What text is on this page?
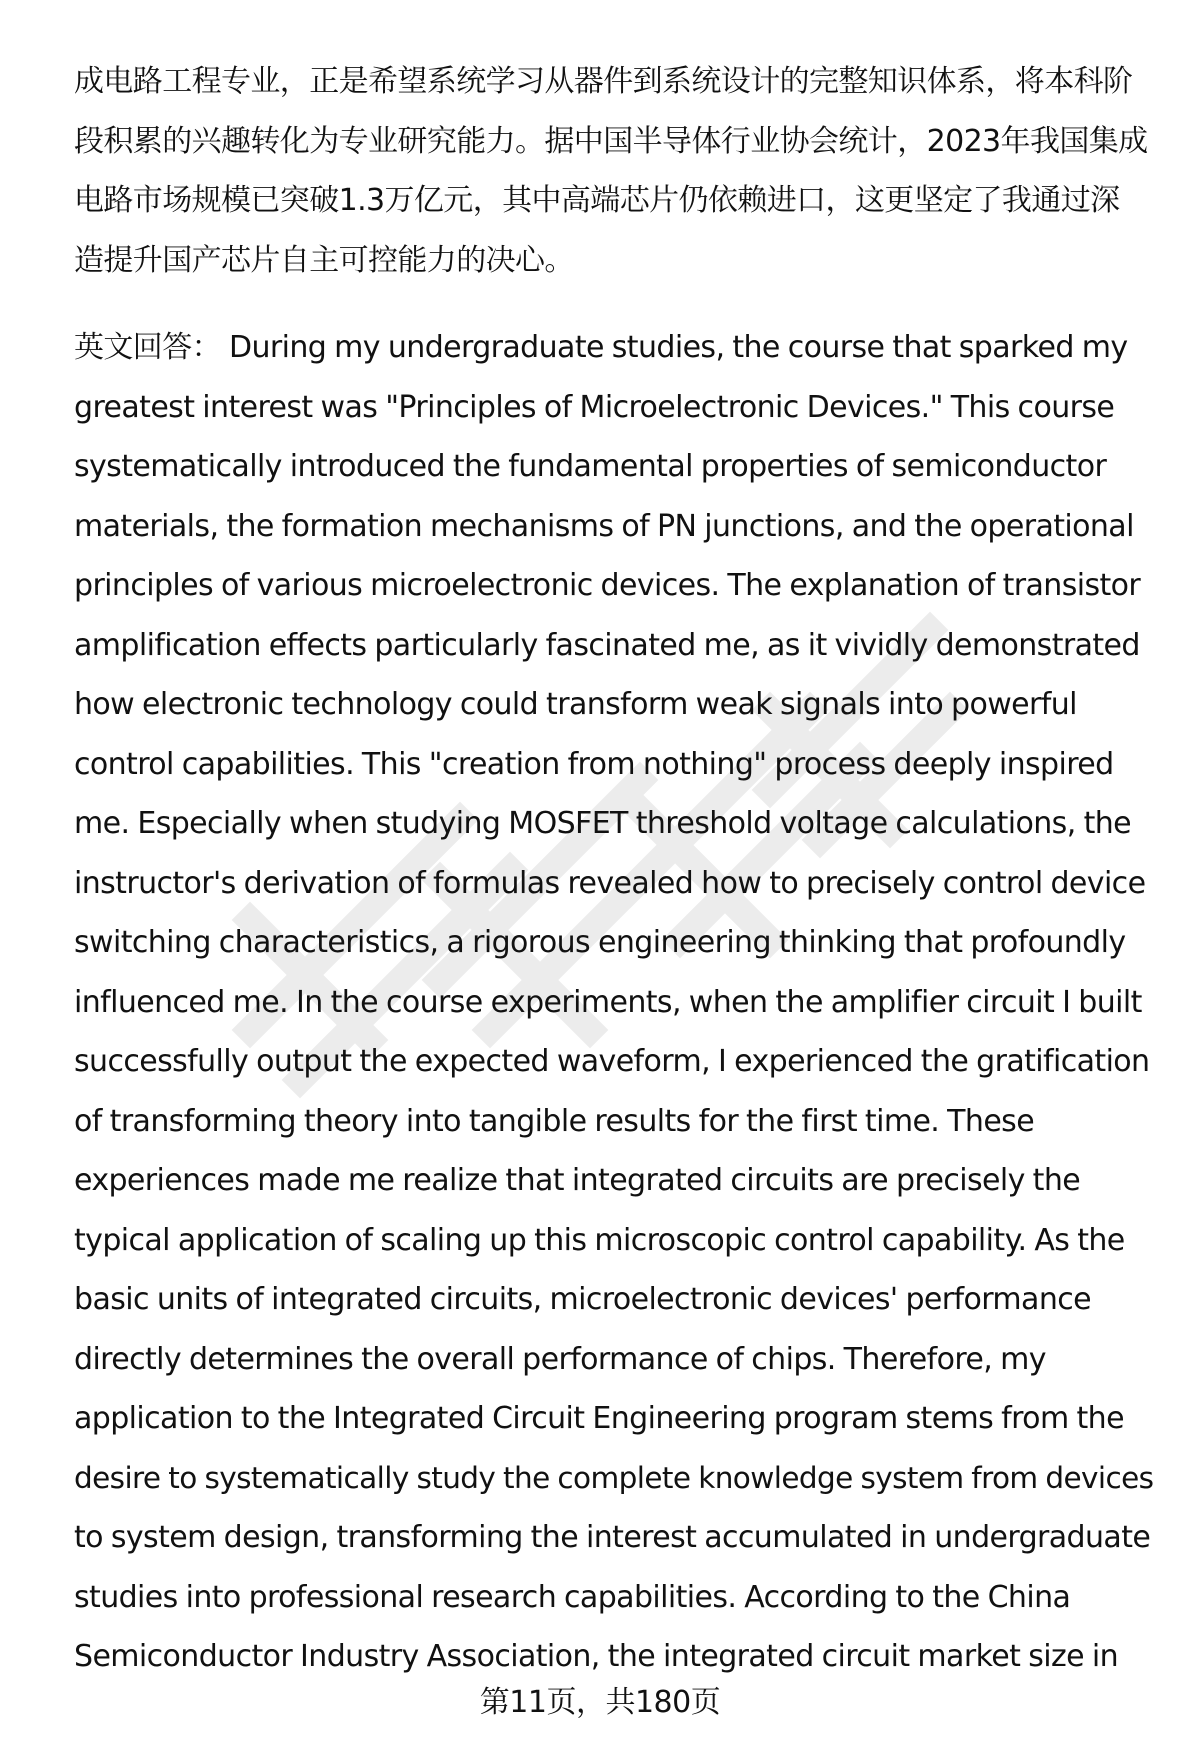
成电路工程专业，正是希望系统学习从器件到系统设计的完整知识体系，将本科阶
段积累的兴趣转化为专业研究能力。据中国半导体行业协会统计，2023年我国集成
电路市场规模已突破1.3万亿元，其中高端芯片仍依赖进口，这更坚定了我通过深
造提升国产芯片自主可控能力的决心。
英文回答： During my undergraduate studies, the course that sparked my
greatest interest was "Principles of Microelectronic Devices." This course
systematically introduced the fundamental properties of semiconductor
materials, the formation mechanisms of PN junctions, and the operational
principles of various microelectronic devices. The explanation of transistor
amplification effects particularly fascinated me, as it vividly demonstrated
how electronic technology could transform weak signals into powerful
control capabilities. This "creation from nothing" process deeply inspired
me. Especially when studying MOSFET threshold voltage calculations, the
instructor's derivation of formulas revealed how to precisely control device
switching characteristics, a rigorous engineering thinking that profoundly
influenced me. In the course experiments, when the amplifier circuit I built
successfully output the expected waveform, I experienced the gratification
of transforming theory into tangible results for the first time. These
experiences made me realize that integrated circuits are precisely the
typical application of scaling up this microscopic control capability. As the
basic units of integrated circuits, microelectronic devices' performance
directly determines the overall performance of chips. Therefore, my
application to the Integrated Circuit Engineering program stems from the
desire to systematically study the complete knowledge system from devices
to system design, transforming the interest accumulated in undergraduate
studies into professional research capabilities. According to the China
Semiconductor Industry Association, the integrated circuit market size in
第11页，共180页
